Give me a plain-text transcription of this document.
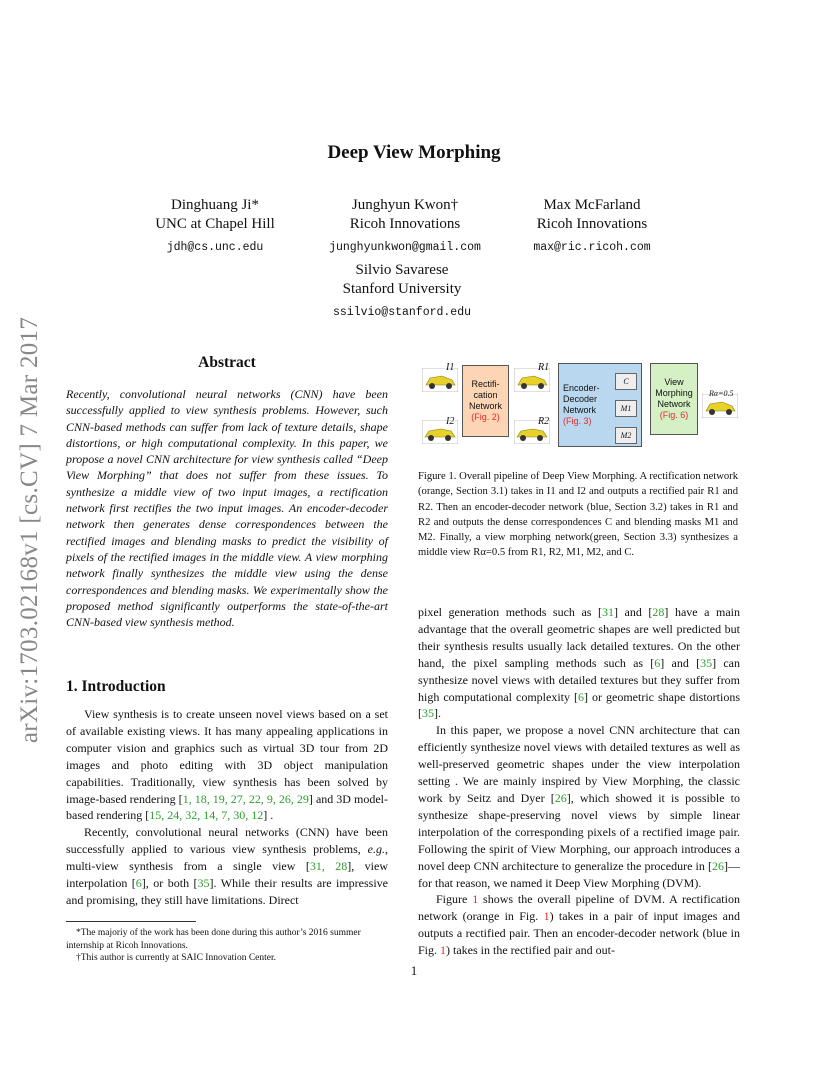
arXiv:1703.02168v1 [cs.CV] 7 Mar 2017
Deep View Morphing
Dinghuang Ji*
UNC at Chapel Hill
jdh@cs.unc.edu
Junghyun Kwon†
Ricoh Innovations
junghyunkwon@gmail.com
Max McFarland
Ricoh Innovations
max@ric.ricoh.com
Silvio Savarese
Stanford University
ssilvio@stanford.edu
Abstract
Recently, convolutional neural networks (CNN) have been successfully applied to view synthesis problems. However, such CNN-based methods can suffer from lack of texture details, shape distortions, or high computational complexity. In this paper, we propose a novel CNN architecture for view synthesis called “Deep View Morphing” that does not suffer from these issues. To synthesize a middle view of two input images, a rectification network first rectifies the two input images. An encoder-decoder network then generates dense correspondences between the rectified images and blending masks to predict the visibility of pixels of the rectified images in the middle view. A view morphing network finally synthesizes the middle view using the dense correspondences and blending masks. We experimentally show the proposed method significantly outperforms the state-of-the-art CNN-based view synthesis method.
1. Introduction

View synthesis is to create unseen novel views based on a set of available existing views. It has many appealing applications in computer vision and graphics such as virtual 3D tour from 2D images and photo editing with 3D object manipulation capabilities. Traditionally, view synthesis has been solved by image-based rendering [1, 18, 19, 27, 22, 9, 26, 29] and 3D model-based rendering [15, 24, 32, 14, 7, 30, 12] .

Recently, convolutional neural networks (CNN) have been successfully applied to various view synthesis problems, e.g., multi-view synthesis from a single view [31, 28], view interpolation [6], or both [35]. While their results are impressive and promising, they still have limitations. Direct

*The majoriy of the work has been done during this author’s 2016 summer internship at Ricoh Innovations.

†This author is currently at SAIC Innovation Center.

I1
I2
Rectifi-
cation
Network
(Fig. 2)
R1
R2
Encoder-
Decoder
Network
(Fig. 3)
C
M1
M2
View
Morphing
Network
(Fig. 6)
Rα=0.5
Figure 1. Overall pipeline of Deep View Morphing. A rectification network (orange, Section 3.1) takes in I1 and I2 and outputs a rectified pair R1 and R2. Then an encoder-decoder network (blue, Section 3.2) takes in R1 and R2 and outputs the dense correspondences C and blending masks M1 and M2. Finally, a view morphing network(green, Section 3.3) synthesizes a middle view Rα=0.5 from R1, R2, M1, M2, and C.

pixel generation methods such as [31] and [28] have a main advantage that the overall geometric shapes are well predicted but their synthesis results usually lack detailed textures. On the other hand, the pixel sampling methods such as [6] and [35] can synthesize novel views with detailed textures but they suffer from high computational complexity [6] or geometric shape distortions [35].

In this paper, we propose a novel CNN architecture that can efficiently synthesize novel views with detailed textures as well as well-preserved geometric shapes under the view interpolation setting . We are mainly inspired by View Morphing, the classic work by Seitz and Dyer [26], which showed it is possible to synthesize shape-preserving novel views by simple linear interpolation of the corresponding pixels of a rectified image pair. Following the spirit of View Morphing, our approach introduces a novel deep CNN architecture to generalize the procedure in [26]—for that reason, we named it Deep View Morphing (DVM).

Figure 1 shows the overall pipeline of DVM. A rectification network (orange in Fig. 1) takes in a pair of input images and outputs a rectified pair. Then an encoder-decoder network (blue in Fig. 1) takes in the rectified pair and out-

1
